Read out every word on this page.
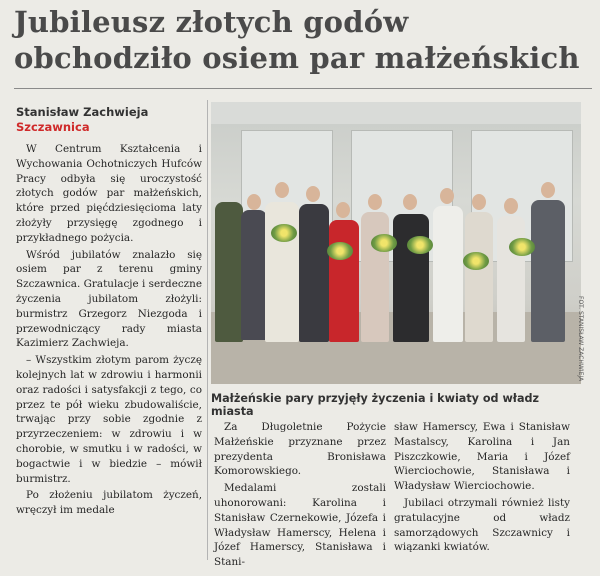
Jubileusz złotych godów
obchodziło osiem par małżeńskich
Stanisław Zachwieja
Szczawnica

W Centrum Kształcenia i Wychowania Ochotniczych Hufców Pracy odbyła się uroczystość złotych godów par małżeńskich, które przed pięćdziesięcioma laty złożyły przysięgę zgodnego i przykładnego pożycia.

Wśród jubilatów znalazło się osiem par z terenu gminy Szczawnica. Gratulacje i serdeczne życzenia jubilatom złożyli: burmistrz Grzegorz Niezgoda i przewodniczący rady miasta Kazimierz Zachwieja.

– Wszystkim złotym parom życzę kolejnych lat w zdrowiu i harmonii oraz radości i satysfakcji z tego, co przez te pół wieku zbudowaliście, trwając przy sobie zgodnie z przyrzeczeniem: w zdrowiu i w chorobie, w smutku i w radości, w bogactwie i w biedzie – mówił burmistrz.

Po złożeniu jubilatom życzeń, wręczył im medale

FOT. STANISŁAW ZACHWIEJA
Małżeńskie pary przyjęły życzenia i kwiaty od władz miasta

Za Długoletnie Pożycie Małżeńskie przyznane przez prezydenta Bronisława Komorowskiego.

Medalami zostali uhonorowani: Karolina i Stanisław Czernekowie, Józefa i Władysław Hamerscy, Helena i Józef Hamerscy, Stanisława i Stani-

sław Hamerscy, Ewa i Stanisław Mastalscy, Karolina i Jan Piszczkowie, Maria i Józef Wierciochowie, Stanisława i Władysław Wierciochowie.

Jubilaci otrzymali również listy gratulacyjne od władz samorządowych Szczawnicy i wiązanki kwiatów.
